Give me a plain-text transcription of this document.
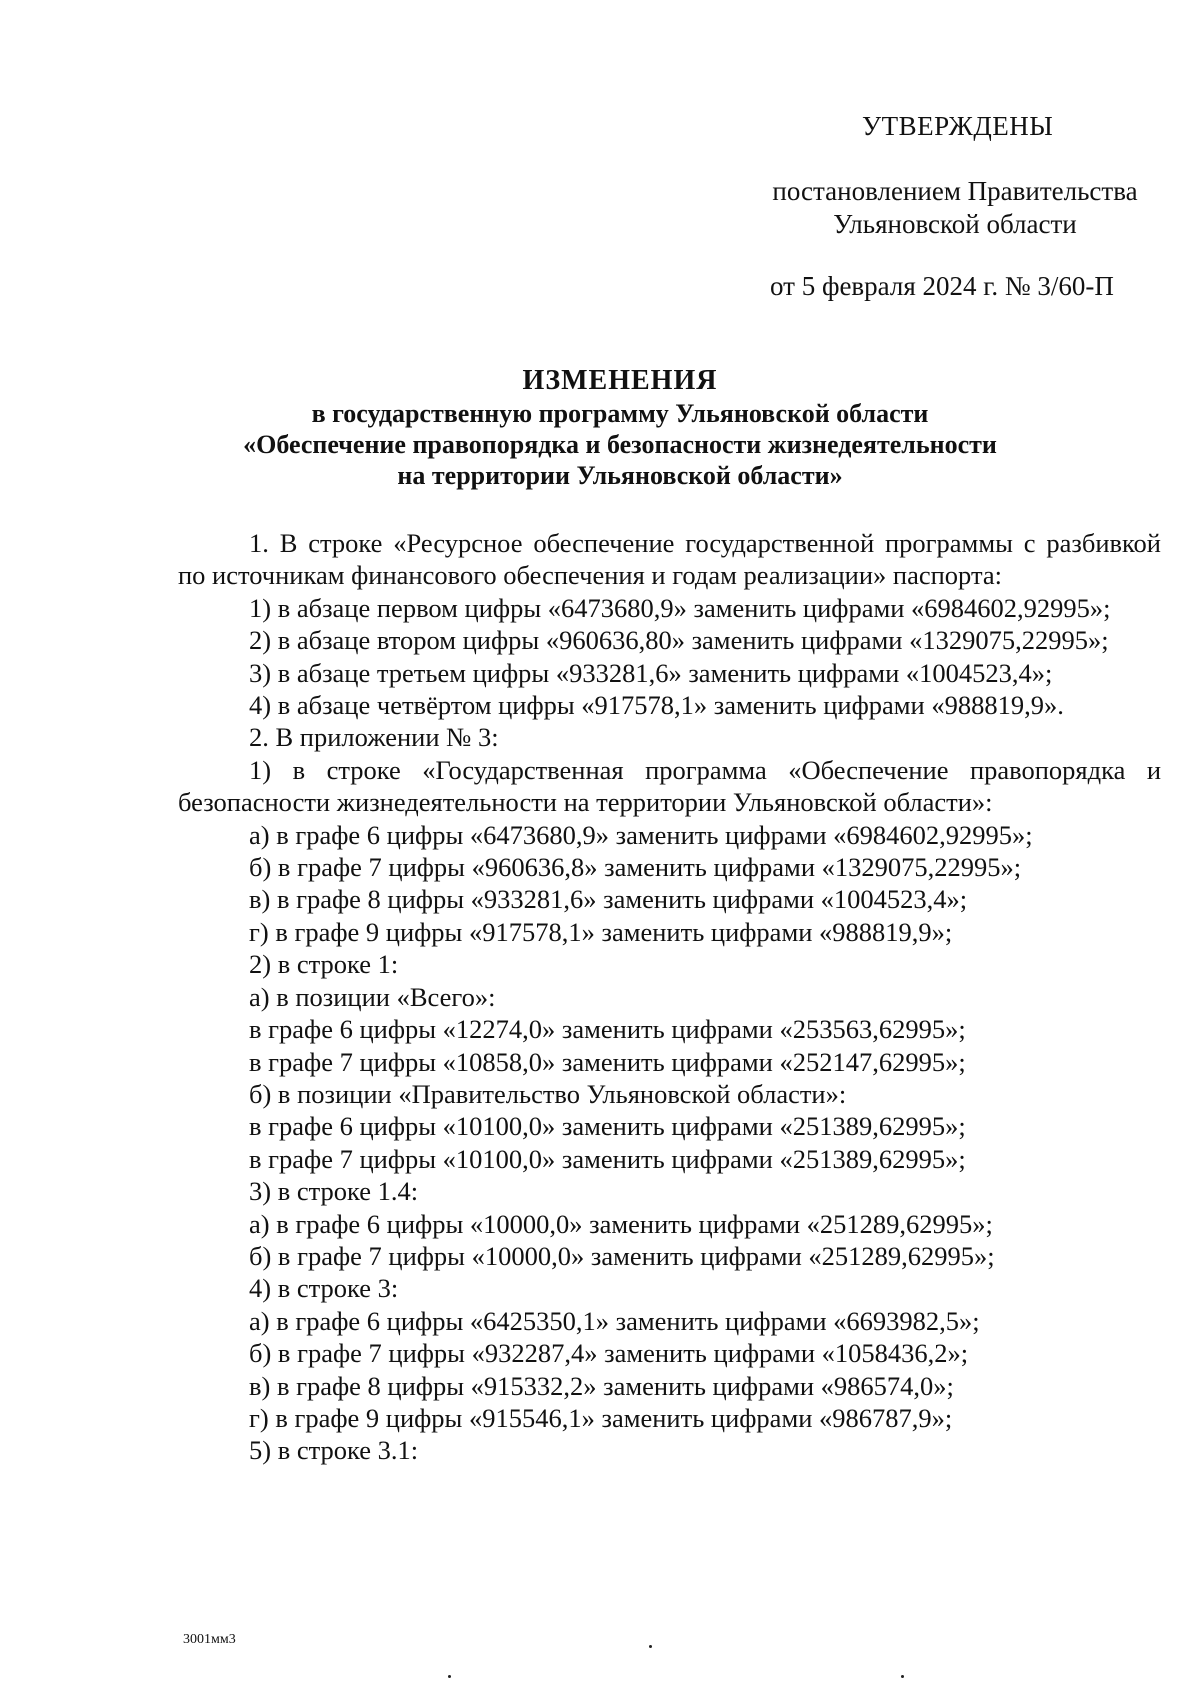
УТВЕРЖДЕНЫ
постановлением Правительства
Ульяновской области
от 5 февраля 2024 г. № 3/60-П
ИЗМЕНЕНИЯ
в государственную программу Ульяновской области
«Обеспечение правопорядка и безопасности жизнедеятельности
на территории Ульяновской области»

1. В строке «Ресурсное обеспечение государственной программы с разбивкой по источникам финансового обеспечения и годам реализации» паспорта:

1) в абзаце первом цифры «6473680,9» заменить цифрами «6984602,92995»;

2) в абзаце втором цифры «960636,80» заменить цифрами «1329075,22995»;

3) в абзаце третьем цифры «933281,6» заменить цифрами «1004523,4»;

4) в абзаце четвёртом цифры «917578,1» заменить цифрами «988819,9».

2. В приложении № 3:

1) в строке «Государственная программа «Обеспечение правопорядка и безопасности жизнедеятельности на территории Ульяновской области»:

а) в графе 6 цифры «6473680,9» заменить цифрами «6984602,92995»;

б) в графе 7 цифры «960636,8» заменить цифрами «1329075,22995»;

в) в графе 8 цифры «933281,6» заменить цифрами «1004523,4»;

г) в графе 9 цифры «917578,1» заменить цифрами «988819,9»;

2) в строке 1:

а) в позиции «Всего»:

в графе 6 цифры «12274,0» заменить цифрами «253563,62995»;

в графе 7 цифры «10858,0» заменить цифрами «252147,62995»;

б) в позиции «Правительство Ульяновской области»:

в графе 6 цифры «10100,0» заменить цифрами «251389,62995»;

в графе 7 цифры «10100,0» заменить цифрами «251389,62995»;

3) в строке 1.4:

а) в графе 6 цифры «10000,0» заменить цифрами «251289,62995»;

б) в графе 7 цифры «10000,0» заменить цифрами «251289,62995»;

4) в строке 3:

а) в графе 6 цифры «6425350,1» заменить цифрами «6693982,5»;

б) в графе 7 цифры «932287,4» заменить цифрами «1058436,2»;

в) в графе 8 цифры «915332,2» заменить цифрами «986574,0»;

г) в графе 9 цифры «915546,1» заменить цифрами «986787,9»;

5) в строке 3.1:

3001мм3
